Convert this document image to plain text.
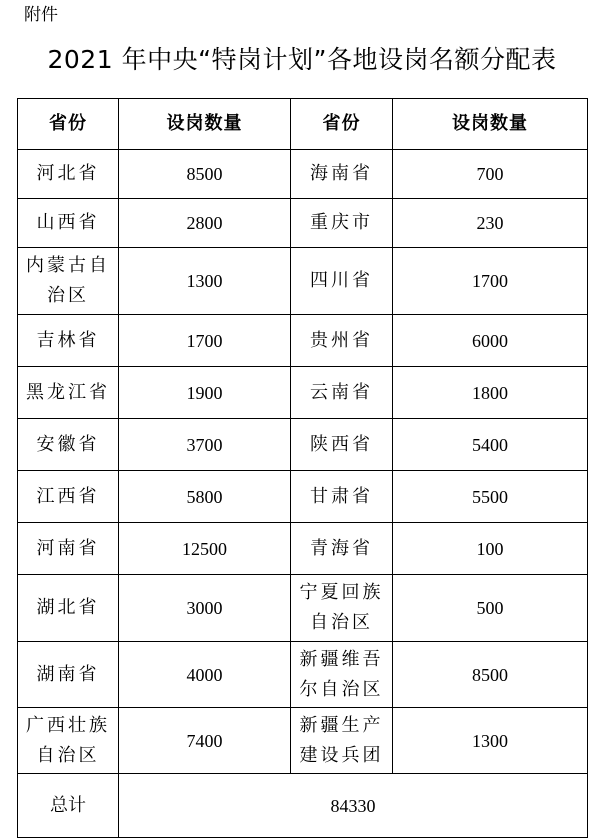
附件
2021 年中央“特岗计划”各地设岗名额分配表
省份	设岗数量	省份	设岗数量
河北省	8500	海南省	700
山西省	2800	重庆市	230
内蒙古自治区	1300	四川省	1700
吉林省	1700	贵州省	6000
黑龙江省	1900	云南省	1800
安徽省	3700	陕西省	5400
江西省	5800	甘肃省	5500
河南省	12500	青海省	100
湖北省	3000	宁夏回族自治区	500
湖南省	4000	新疆维吾尔自治区	8500
广西壮族自治区	7400	新疆生产建设兵团	1300
总计	84330		
